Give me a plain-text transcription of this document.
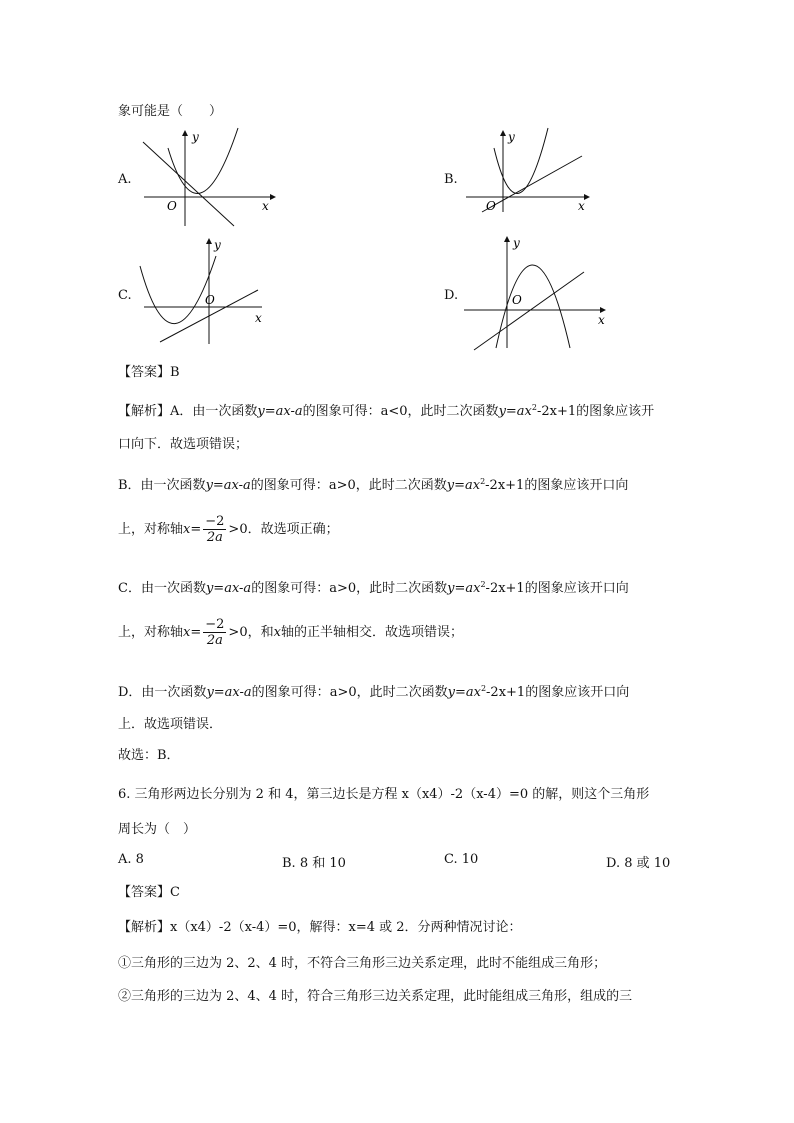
象可能是（　　）
A.
y
x
O
B.
y
x
O
C.
y
x
O	D.
y
x
O
【答案】B
【解析】A．由一次函数y=ax-a的图象可得：a<0，此时二次函数$y=ax^2-2x+1$的图象应该开
口向下．故选项错误；
B．由一次函数y=ax-a的图象可得：a>0，此时二次函数$y=ax^2-2x+1$的图象应该开口向
上，对称轴$x= \frac{-2}{2a} >0$．故选项正确；
C．由一次函数y=ax-a的图象可得：a>0，此时二次函数$y=ax^2-2x+1$的图象应该开口向
上，对称轴$x= \frac{-2}{2a} >0$，和x轴的正半轴相交．故选项错误；
D．由一次函数y=ax-a的图象可得：a>0，此时二次函数$y=ax^2-2x+1$的图象应该开口向
上．故选项错误．
故选：B．
6. 三角形两边长分别为 2 和 4，第三边长是方程 x（x4）-2（x-4）=0 的解，则这个三角形
周长为（　）
A. 8	B. 8 和 10	C. 10	D. 8 或 10
【答案】C
【解析】x（x4）-2（x-4）=0，解得：x=4 或 2．分两种情况讨论：
①三角形的三边为 2、2、4 时，不符合三角形三边关系定理，此时不能组成三角形；
②三角形的三边为 2、4、4 时，符合三角形三边关系定理，此时能组成三角形，组成的三
